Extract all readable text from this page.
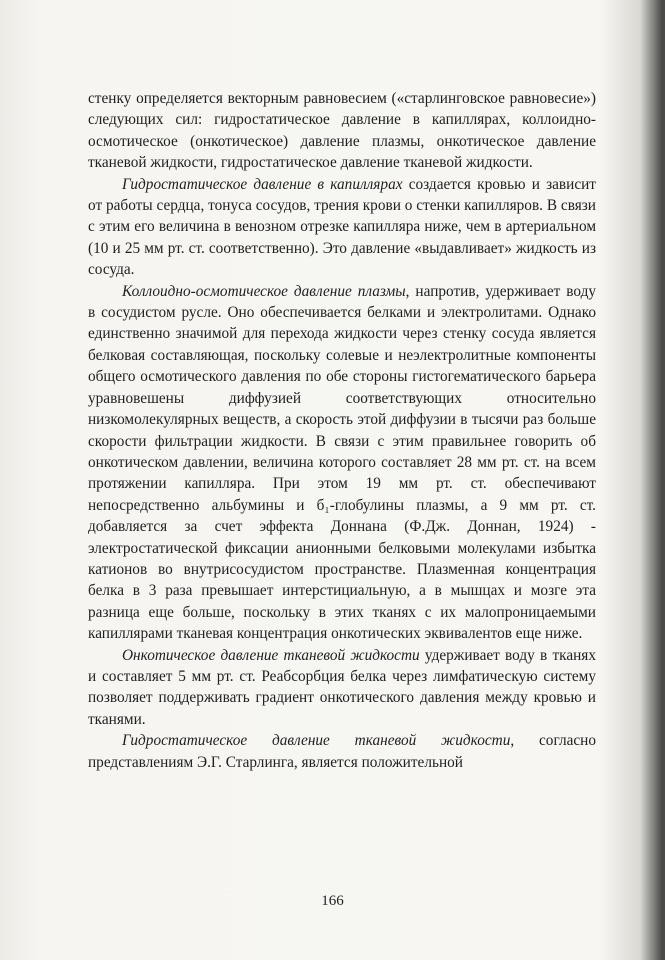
стенку определяется векторным равновесием («старлинговское равновесие») следующих сил: гидростатическое давление в капиллярах, коллоидно-осмотическое (онкотическое) давление плазмы, онкотическое давление тканевой жидкости, гидростатическое давление тканевой жидкости.

Гидростатическое давление в капиллярах создается кровью и зависит от работы сердца, тонуса сосудов, трения крови о стенки капилляров. В связи с этим его величина в венозном отрезке капилляра ниже, чем в артериальном (10 и 25 мм рт. ст. соответственно). Это давление «выдавливает» жидкость из сосуда.

Коллоидно-осмотическое давление плазмы, напротив, удерживает воду в сосудистом русле. Оно обеспечивается белками и электролитами. Однако единственно значимой для перехода жидкости через стенку сосуда является белковая составляющая, поскольку солевые и неэлектролитные компоненты общего осмотического давления по обе стороны гистогематического барьера уравновешены диффузией соответствующих относительно низкомолекулярных веществ, а скорость этой диффузии в тысячи раз больше скорости фильтрации жидкости. В связи с этим правильнее говорить об онкотическом давлении, величина которого составляет 28 мм рт. ст. на всем протяжении капилляра. При этом 19 мм рт. ст. обеспечивают непосредственно альбумины и б₁-глобулины плазмы, а 9 мм рт. ст. добавляется за счет эффекта Доннана (Ф.Дж. Доннан, 1924) - электростатической фиксации анионными белковыми молекулами избытка катионов во внутрисосудистом пространстве. Плазменная концентрация белка в 3 раза превышает интерстициальную, а в мышцах и мозге эта разница еще больше, поскольку в этих тканях с их малопроницаемыми капиллярами тканевая концентрация онкотических эквивалентов еще ниже.

Онкотическое давление тканевой жидкости удерживает воду в тканях и составляет 5 мм рт. ст. Реабсорбция белка через лимфатическую систему позволяет поддерживать градиент онкотического давления между кровью и тканями.

Гидростатическое давление тканевой жидкости, согласно представлениям Э.Г. Старлинга, является положительной

166
